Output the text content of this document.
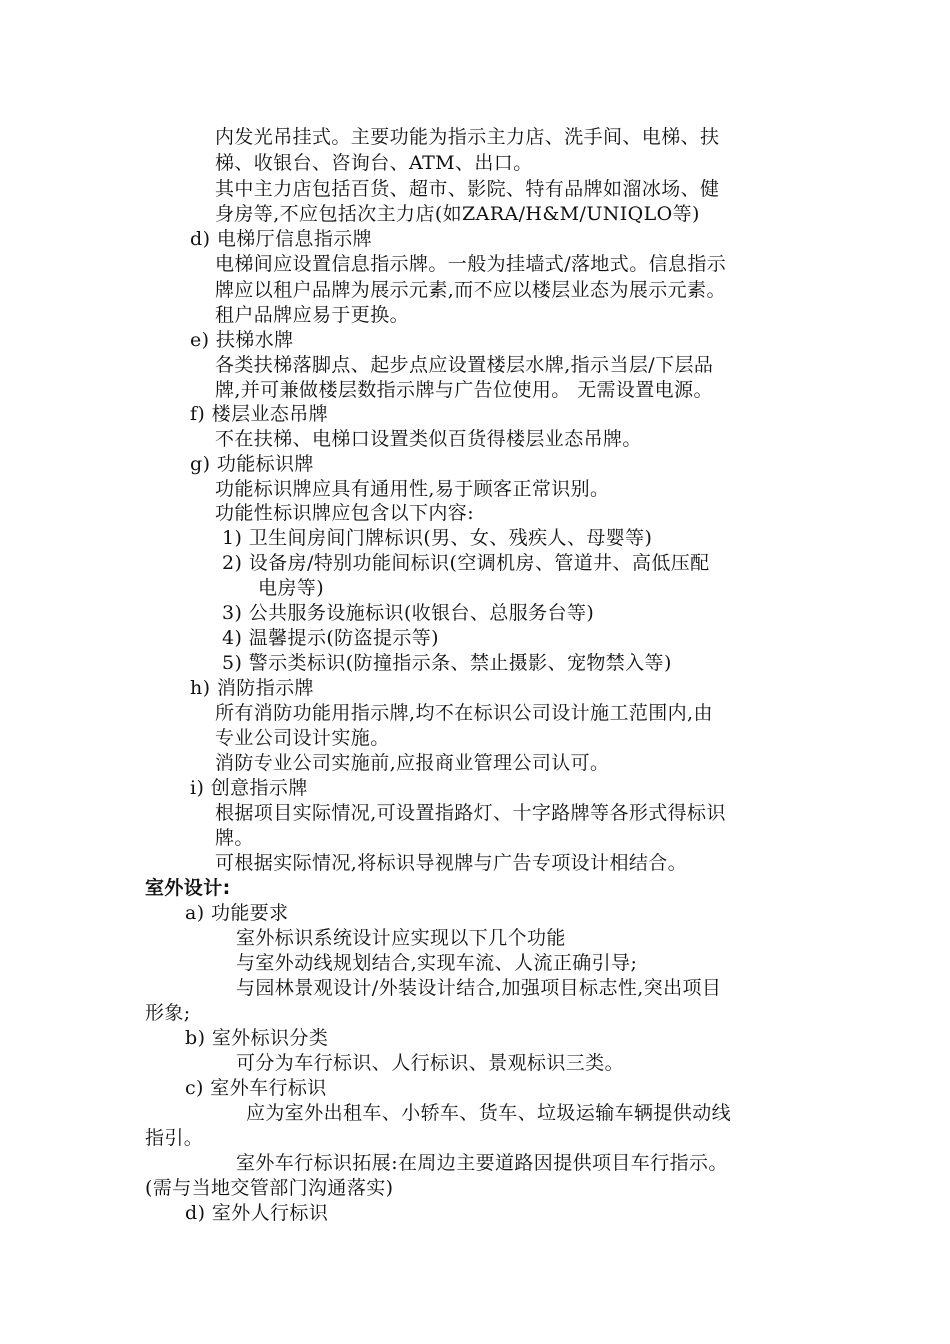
内发光吊挂式。主要功能为指示主力店、洗手间、电梯、扶
梯、收银台、咨询台、ATM、出口。
其中主力店包括百货、超市、影院、特有品牌如溜冰场、健
身房等,不应包括次主力店(如ZARA/H&M/UNIQLO等)
d) 电梯厅信息指示牌
电梯间应设置信息指示牌。一般为挂墙式/落地式。信息指示
牌应以租户品牌为展示元素,而不应以楼层业态为展示元素。
租户品牌应易于更换。
e) 扶梯水牌
各类扶梯落脚点、起步点应设置楼层水牌,指示当层/下层品
牌,并可兼做楼层数指示牌与广告位使用。 无需设置电源。
f) 楼层业态吊牌
不在扶梯、电梯口设置类似百货得楼层业态吊牌。
g) 功能标识牌
功能标识牌应具有通用性,易于顾客正常识别。
功能性标识牌应包含以下内容:
1) 卫生间房间门牌标识(男、女、残疾人、母婴等)
2) 设备房/特别功能间标识(空调机房、管道井、高低压配
电房等)
3) 公共服务设施标识(收银台、总服务台等)
4) 温馨提示(防盗提示等)
5) 警示类标识(防撞指示条、禁止摄影、宠物禁入等)
h) 消防指示牌
所有消防功能用指示牌,均不在标识公司设计施工范围内,由
专业公司设计实施。
消防专业公司实施前,应报商业管理公司认可。
i) 创意指示牌
根据项目实际情况,可设置指路灯、十字路牌等各形式得标识
牌。
可根据实际情况,将标识导视牌与广告专项设计相结合。
室外设计:
a) 功能要求
室外标识系统设计应实现以下几个功能
与室外动线规划结合,实现车流、人流正确引导;
与园林景观设计/外装设计结合,加强项目标志性,突出项目
形象;
b) 室外标识分类
可分为车行标识、人行标识、景观标识三类。
c) 室外车行标识
应为室外出租车、小轿车、货车、垃圾运输车辆提供动线
指引。
室外车行标识拓展:在周边主要道路因提供项目车行指示。
(需与当地交管部门沟通落实)
d) 室外人行标识
